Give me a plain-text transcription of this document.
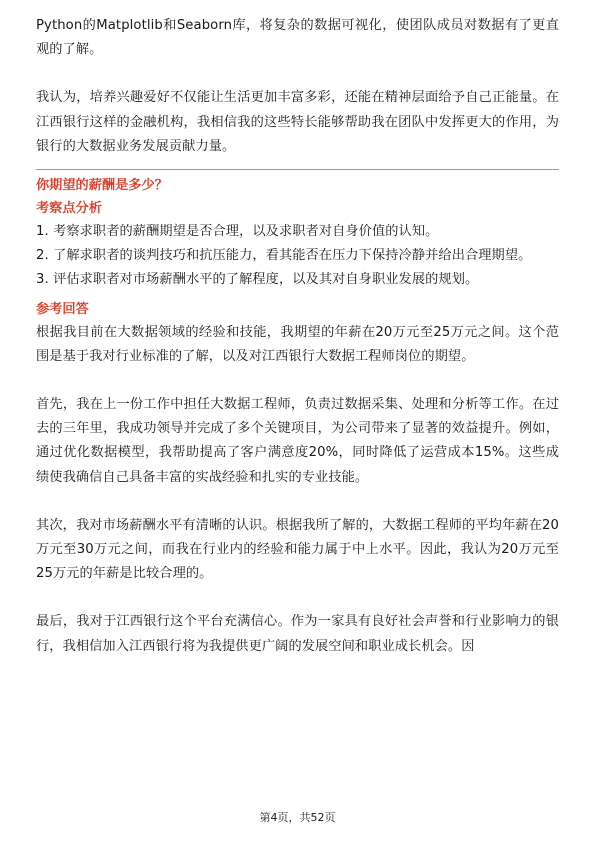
Python的Matplotlib和Seaborn库，将复杂的数据可视化，使团队成员对数据有了更直观的了解。

我认为，培养兴趣爱好不仅能让生活更加丰富多彩，还能在精神层面给予自己正能量。在江西银行这样的金融机构，我相信我的这些特长能够帮助我在团队中发挥更大的作用，为银行的大数据业务发展贡献力量。

你期望的薪酬是多少？
考察点分析

1. 考察求职者的薪酬期望是否合理，以及求职者对自身价值的认知。

2. 了解求职者的谈判技巧和抗压能力，看其能否在压力下保持冷静并给出合理期望。

3. 评估求职者对市场薪酬水平的了解程度，以及其对自身职业发展的规划。

参考回答

根据我目前在大数据领域的经验和技能，我期望的年薪在20万元至25万元之间。这个范围是基于我对行业标准的了解，以及对江西银行大数据工程师岗位的期望。

首先，我在上一份工作中担任大数据工程师，负责过数据采集、处理和分析等工作。在过去的三年里，我成功领导并完成了多个关键项目，为公司带来了显著的效益提升。例如，通过优化数据模型，我帮助提高了客户满意度20%，同时降低了运营成本15%。这些成绩使我确信自己具备丰富的实战经验和扎实的专业技能。

其次，我对市场薪酬水平有清晰的认识。根据我所了解的，大数据工程师的平均年薪在20万元至30万元之间，而我在行业内的经验和能力属于中上水平。因此，我认为20万元至25万元的年薪是比较合理的。

最后，我对于江西银行这个平台充满信心。作为一家具有良好社会声誉和行业影响力的银行，我相信加入江西银行将为我提供更广阔的发展空间和职业成长机会。因

第4页，共52页
